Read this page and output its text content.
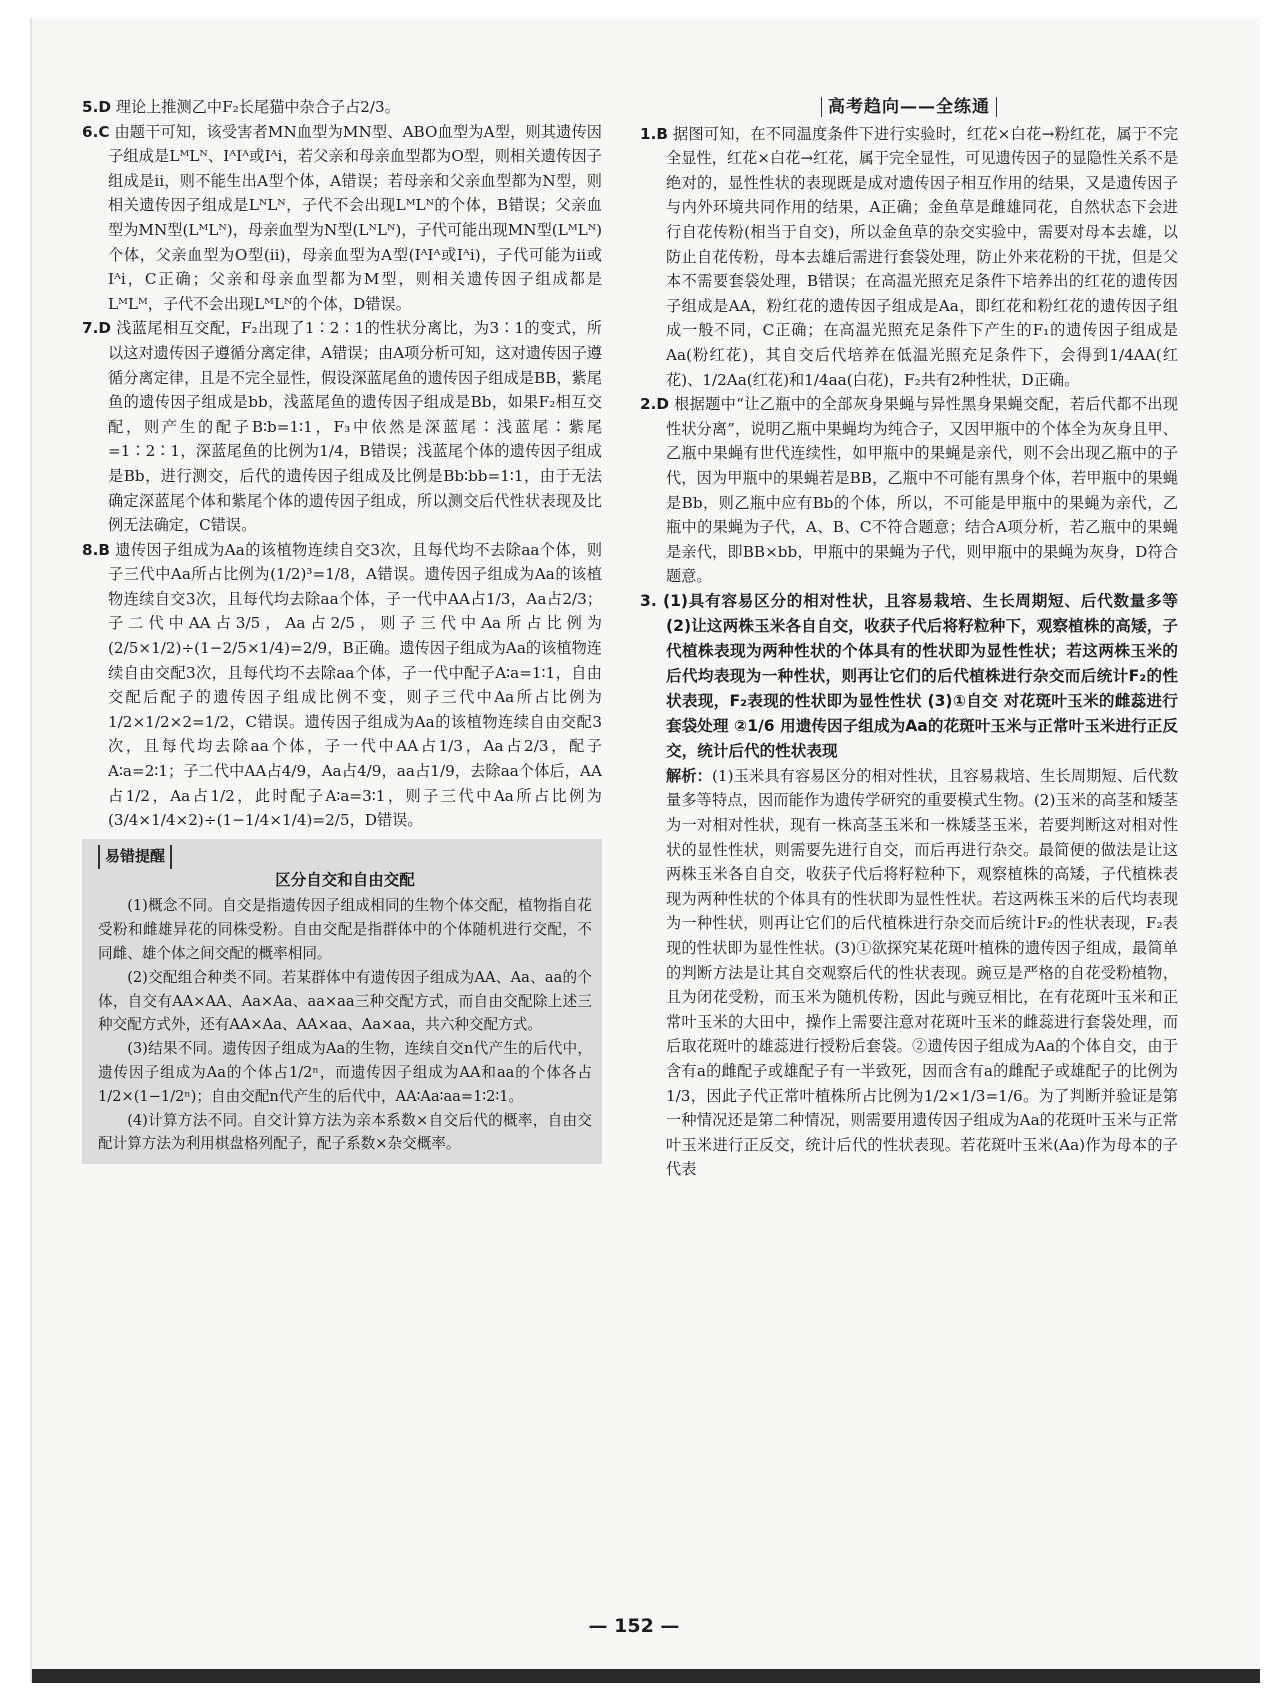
5.D 理论上推测乙中F₂长尾猫中杂合子占2/3。
6.C 由题干可知，该受害者MN血型为MN型、ABO血型为A型，则其遗传因子组成是LᴹLᴺ、IᴬIᴬ或Iᴬi，若父亲和母亲血型都为O型，则相关遗传因子组成是ii，则不能生出A型个体，A错误；若母亲和父亲血型都为N型，则相关遗传因子组成是LᴺLᴺ，子代不会出现LᴹLᴺ的个体，B错误；父亲血型为MN型(LᴹLᴺ)，母亲血型为N型(LᴺLᴺ)，子代可能出现MN型(LᴹLᴺ)个体，父亲血型为O型(ii)，母亲血型为A型(IᴬIᴬ或Iᴬi)，子代可能为ii或Iᴬi，C正确；父亲和母亲血型都为M型，则相关遗传因子组成都是LᴹLᴹ，子代不会出现LᴹLᴺ的个体，D错误。
7.D 浅蓝尾相互交配，F₂出现了1∶2∶1的性状分离比，为3∶1的变式，所以这对遗传因子遵循分离定律，A错误；由A项分析可知，这对遗传因子遵循分离定律，且是不完全显性，假设深蓝尾鱼的遗传因子组成是BB，紫尾鱼的遗传因子组成是bb，浅蓝尾鱼的遗传因子组成是Bb，如果F₂相互交配，则产生的配子B∶b=1∶1，F₃中依然是深蓝尾∶浅蓝尾∶紫尾=1∶2∶1，深蓝尾鱼的比例为1/4，B错误；浅蓝尾个体的遗传因子组成是Bb，进行测交，后代的遗传因子组成及比例是Bb∶bb=1∶1，由于无法确定深蓝尾个体和紫尾个体的遗传因子组成，所以测交后代性状表现及比例无法确定，C错误。
8.B 遗传因子组成为Aa的该植物连续自交3次，且每代均不去除aa个体，则子三代中Aa所占比例为(1/2)³=1/8，A错误。遗传因子组成为Aa的该植物连续自交3次，且每代均去除aa个体，子一代中AA占1/3，Aa占2/3；子二代中AA占3/5，Aa占2/5，则子三代中Aa所占比例为(2/5×1/2)÷(1−2/5×1/4)=2/9，B正确。遗传因子组成为Aa的该植物连续自由交配3次，且每代均不去除aa个体，子一代中配子A∶a=1∶1，自由交配后配子的遗传因子组成比例不变，则子三代中Aa所占比例为1/2×1/2×2=1/2，C错误。遗传因子组成为Aa的该植物连续自由交配3次，且每代均去除aa个体，子一代中AA占1/3，Aa占2/3，配子A∶a=2∶1；子二代中AA占4/9，Aa占4/9，aa占1/9，去除aa个体后，AA占1/2，Aa占1/2，此时配子A∶a=3∶1，则子三代中Aa所占比例为(3/4×1/4×2)÷(1−1/4×1/4)=2/5，D错误。
易错提醒
区分自交和自由交配

(1)概念不同。自交是指遗传因子组成相同的生物个体交配，植物指自花受粉和雌雄异花的同株受粉。自由交配是指群体中的个体随机进行交配，不同雌、雄个体之间交配的概率相同。

(2)交配组合种类不同。若某群体中有遗传因子组成为AA、Aa、aa的个体，自交有AA×AA、Aa×Aa、aa×aa三种交配方式，而自由交配除上述三种交配方式外，还有AA×Aa、AA×aa、Aa×aa，共六种交配方式。

(3)结果不同。遗传因子组成为Aa的生物，连续自交n代产生的后代中，遗传因子组成为Aa的个体占1/2ⁿ，而遗传因子组成为AA和aa的个体各占1/2×(1−1/2ⁿ)；自由交配n代产生的后代中，AA∶Aa∶aa=1∶2∶1。

(4)计算方法不同。自交计算方法为亲本系数×自交后代的概率，自由交配计算方法为利用棋盘格列配子，配子系数×杂交概率。

高考趋向——全练通
1.B 据图可知，在不同温度条件下进行实验时，红花×白花→粉红花，属于不完全显性，红花×白花→红花，属于完全显性，可见遗传因子的显隐性关系不是绝对的，显性性状的表现既是成对遗传因子相互作用的结果，又是遗传因子与内外环境共同作用的结果，A正确；金鱼草是雌雄同花，自然状态下会进行自花传粉(相当于自交)，所以金鱼草的杂交实验中，需要对母本去雄，以防止自花传粉，母本去雄后需进行套袋处理，防止外来花粉的干扰，但是父本不需要套袋处理，B错误；在高温光照充足条件下培养出的红花的遗传因子组成是AA，粉红花的遗传因子组成是Aa，即红花和粉红花的遗传因子组成一般不同，C正确；在高温光照充足条件下产生的F₁的遗传因子组成是Aa(粉红花)，其自交后代培养在低温光照充足条件下，会得到1/4AA(红花)、1/2Aa(红花)和1/4aa(白花)，F₂共有2种性状，D正确。
2.D 根据题中“让乙瓶中的全部灰身果蝇与异性黑身果蝇交配，若后代都不出现性状分离”，说明乙瓶中果蝇均为纯合子，又因甲瓶中的个体全为灰身且甲、乙瓶中果蝇有世代连续性，如甲瓶中的果蝇是亲代，则不会出现乙瓶中的子代，因为甲瓶中的果蝇若是BB，乙瓶中不可能有黑身个体，若甲瓶中的果蝇是Bb，则乙瓶中应有Bb的个体，所以，不可能是甲瓶中的果蝇为亲代，乙瓶中的果蝇为子代，A、B、C不符合题意；结合A项分析，若乙瓶中的果蝇是亲代，即BB×bb，甲瓶中的果蝇为子代，则甲瓶中的果蝇为灰身，D符合题意。
3. (1)具有容易区分的相对性状，且容易栽培、生长周期短、后代数量多等 (2)让这两株玉米各自自交，收获子代后将籽粒种下，观察植株的高矮，子代植株表现为两种性状的个体具有的性状即为显性性状；若这两株玉米的后代均表现为一种性状，则再让它们的后代植株进行杂交而后统计F₂的性状表现，F₂表现的性状即为显性性状 (3)①自交 对花斑叶玉米的雌蕊进行套袋处理 ②1/6 用遗传因子组成为Aa的花斑叶玉米与正常叶玉米进行正反交，统计后代的性状表现
解析：(1)玉米具有容易区分的相对性状，且容易栽培、生长周期短、后代数量多等特点，因而能作为遗传学研究的重要模式生物。(2)玉米的高茎和矮茎为一对相对性状，现有一株高茎玉米和一株矮茎玉米，若要判断这对相对性状的显性性状，则需要先进行自交，而后再进行杂交。最简便的做法是让这两株玉米各自自交，收获子代后将籽粒种下，观察植株的高矮，子代植株表现为两种性状的个体具有的性状即为显性性状。若这两株玉米的后代均表现为一种性状，则再让它们的后代植株进行杂交而后统计F₂的性状表现，F₂表现的性状即为显性性状。(3)①欲探究某花斑叶植株的遗传因子组成，最简单的判断方法是让其自交观察后代的性状表现。豌豆是严格的自花受粉植物，且为闭花受粉，而玉米为随机传粉，因此与豌豆相比，在有花斑叶玉米和正常叶玉米的大田中，操作上需要注意对花斑叶玉米的雌蕊进行套袋处理，而后取花斑叶的雄蕊进行授粉后套袋。②遗传因子组成为Aa的个体自交，由于含有a的雌配子或雄配子有一半致死，因而含有a的雌配子或雄配子的比例为1/3，因此子代正常叶植株所占比例为1/2×1/3=1/6。为了判断并验证是第一种情况还是第二种情况，则需要用遗传因子组成为Aa的花斑叶玉米与正常叶玉米进行正反交，统计后代的性状表现。若花斑叶玉米(Aa)作为母本的子代表
— 152 —
